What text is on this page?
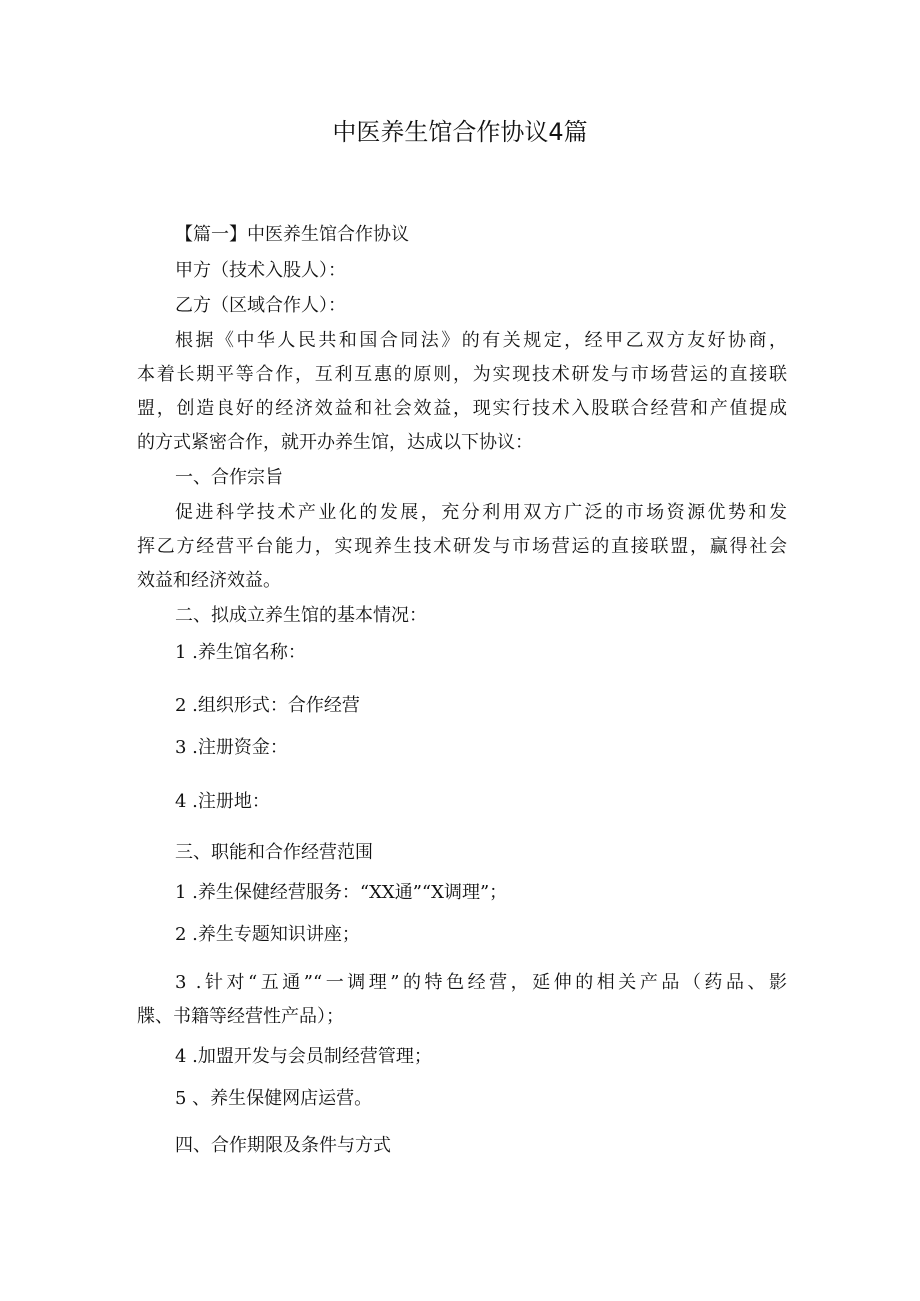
中医养生馆合作协议4篇
【篇一】中医养生馆合作协议
甲方（技术入股人）：
乙方（区域合作人）：
根据《中华人民共和国合同法》的有关规定，经甲乙双方友好协商，
本着长期平等合作，互利互惠的原则，为实现技术研发与市场营运的直接联
盟，创造良好的经济效益和社会效益，现实行技术入股联合经营和产值提成
的方式紧密合作，就开办养生馆，达成以下协议：
一、合作宗旨
促进科学技术产业化的发展，充分利用双方广泛的市场资源优势和发
挥乙方经营平台能力，实现养生技术研发与市场营运的直接联盟，赢得社会
效益和经济效益。
二、拟成立养生馆的基本情况：
1 .养生馆名称：
2 .组织形式：合作经营
3 .注册资金：
4 .注册地：
三、职能和合作经营范围
1 .养生保健经营服务：“XX通”“X调理”；
2 .养生专题知识讲座；
3 .针对“五通”“一调理”的特色经营，延伸的相关产品（药品、影
牒、书籍等经营性产品）；
4 .加盟开发与会员制经营管理；
5 、养生保健网店运营。
四、合作期限及条件与方式
